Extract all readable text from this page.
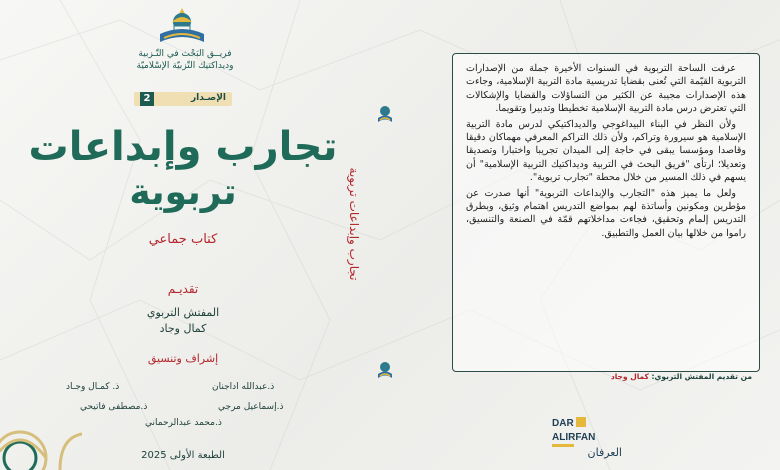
فريــق البَحْث في التّـزبية
وديداكتيك التّزبيّة الإسْلاميّة
الإصـدار
2
تجارب وإبداعات
تربوية
كتاب جماعي
تقديـم
المفتش التربوي
كمال وجاد
إشراف وتنسيق
ذ.عبدالله اداجنان
ذ. كمـال وجـاد
ذ.إسماعيل مرجي
ذ.مصطفى فاتيحي
ذ.محمد عبدالرحماني
الطبعة الأولى 2025
تجارب وإبداعات تربوية

عرفت الساحة التربوية في السنوات الأخيرة جملة من الإصدارات التربوية القيّمة التي تُعنى بقضايا تدريسية مادة التربية الإسلامية، وجاءت هذه الإصدارات مجيبة عن الكثير من التساؤلات والقضايا والإشكالات التي تعترض درس مادة التربية الإسلامية تخطيطا وتدبيرا وتقويما.

ولأن النظر في البناء البيداغوجي والديداكتيكي لدرس مادة التربية الإسلامية هو سيرورة وتراكم، ولأن ذلك التراكم المعرفي مهماكان دقيقا وقاصدا ومؤسسا يبقى في حاجة إلى الميدان تجريبا واختبارا وتصديقا وتعديلا؛ ارتأى "فريق البحث في التربية وديداكتيك التربية الإسلامية" أن يسهم في ذلك المسير من خلال محطة "تجارب تربوية".

ولعل ما يميز هذه "التجارب والإبداعات التربوية" أنها صدرت عن مؤطرين ومكونين وأساتذة لهم بمواضع التدريس اهتمام وثيق، وبطرق التدريس إلمام وتحقيق، فجاءت مداخلاتهم قمّة في الصنعة والتنسيق، راموا من خلالها بيان العمل والتطبيق.

من تقديم المفتش التربوي: كمال وجاد
DAR
ALIRFAN
العرفان
